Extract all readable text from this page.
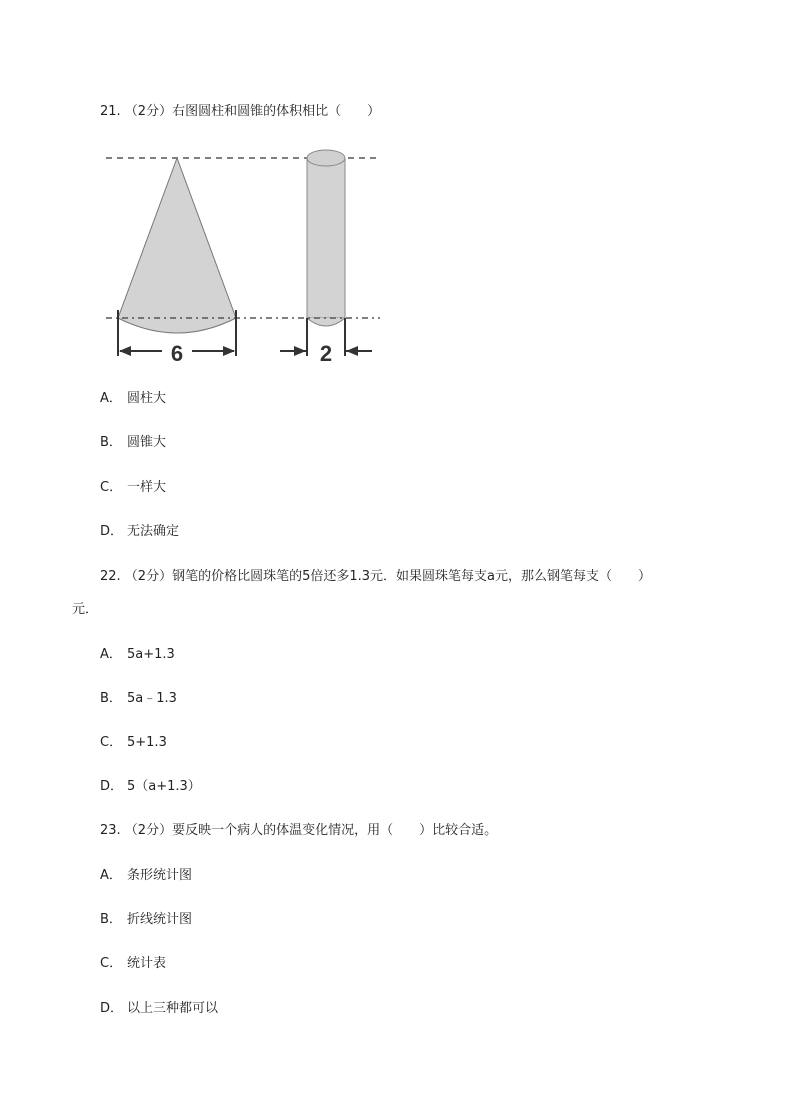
21. （2分）右图圆柱和圆锥的体积相比（　　）
6	2
A． 圆柱大
B． 圆锥大
C． 一样大
D． 无法确定
22. （2分）钢笔的价格比圆珠笔的5倍还多1.3元．如果圆珠笔每支a元，那么钢笔每支（　　）
元．
A． 5a+1.3
B． 5a﹣1.3
C． 5+1.3
D． 5（a+1.3）
23. （2分）要反映一个病人的体温变化情况，用（　　）比较合适。
A． 条形统计图
B． 折线统计图
C． 统计表
D． 以上三种都可以
